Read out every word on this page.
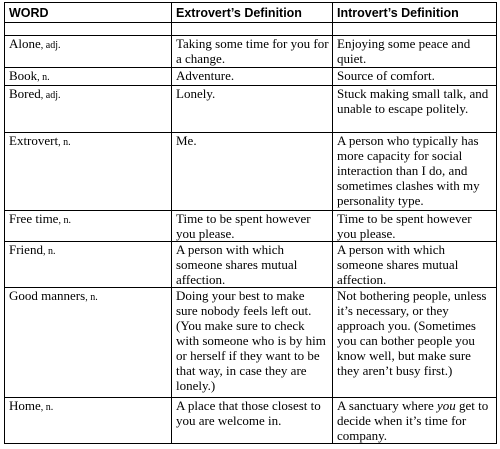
WORD	Extrovert’s Definition	Introvert’s Definition

Alone, adj.	Taking some time for you for a change.	Enjoying some peace and quiet.
Book, n.	Adventure.	Source of comfort.
Bored, adj.	Lonely.	Stuck making small talk, and unable to escape politely.
Extrovert, n.	Me.	A person who typically has more capacity for social interaction than I do, and sometimes clashes with my personality type.
Free time, n.	Time to be spent however you please.	Time to be spent however you please.
Friend, n.	A person with which someone shares mutual affection.	A person with which someone shares mutual affection.
Good manners, n.	Doing your best to make sure nobody feels left out. (You make sure to check with someone who is by him or herself if they want to be that way, in case they are lonely.)	Not bothering people, unless it’s necessary, or they approach you. (Sometimes you can bother people you know well, but make sure they aren’t busy first.)
Home, n.	A place that those closest to you are welcome in.	A sanctuary where you get to decide when it’s time for company.
